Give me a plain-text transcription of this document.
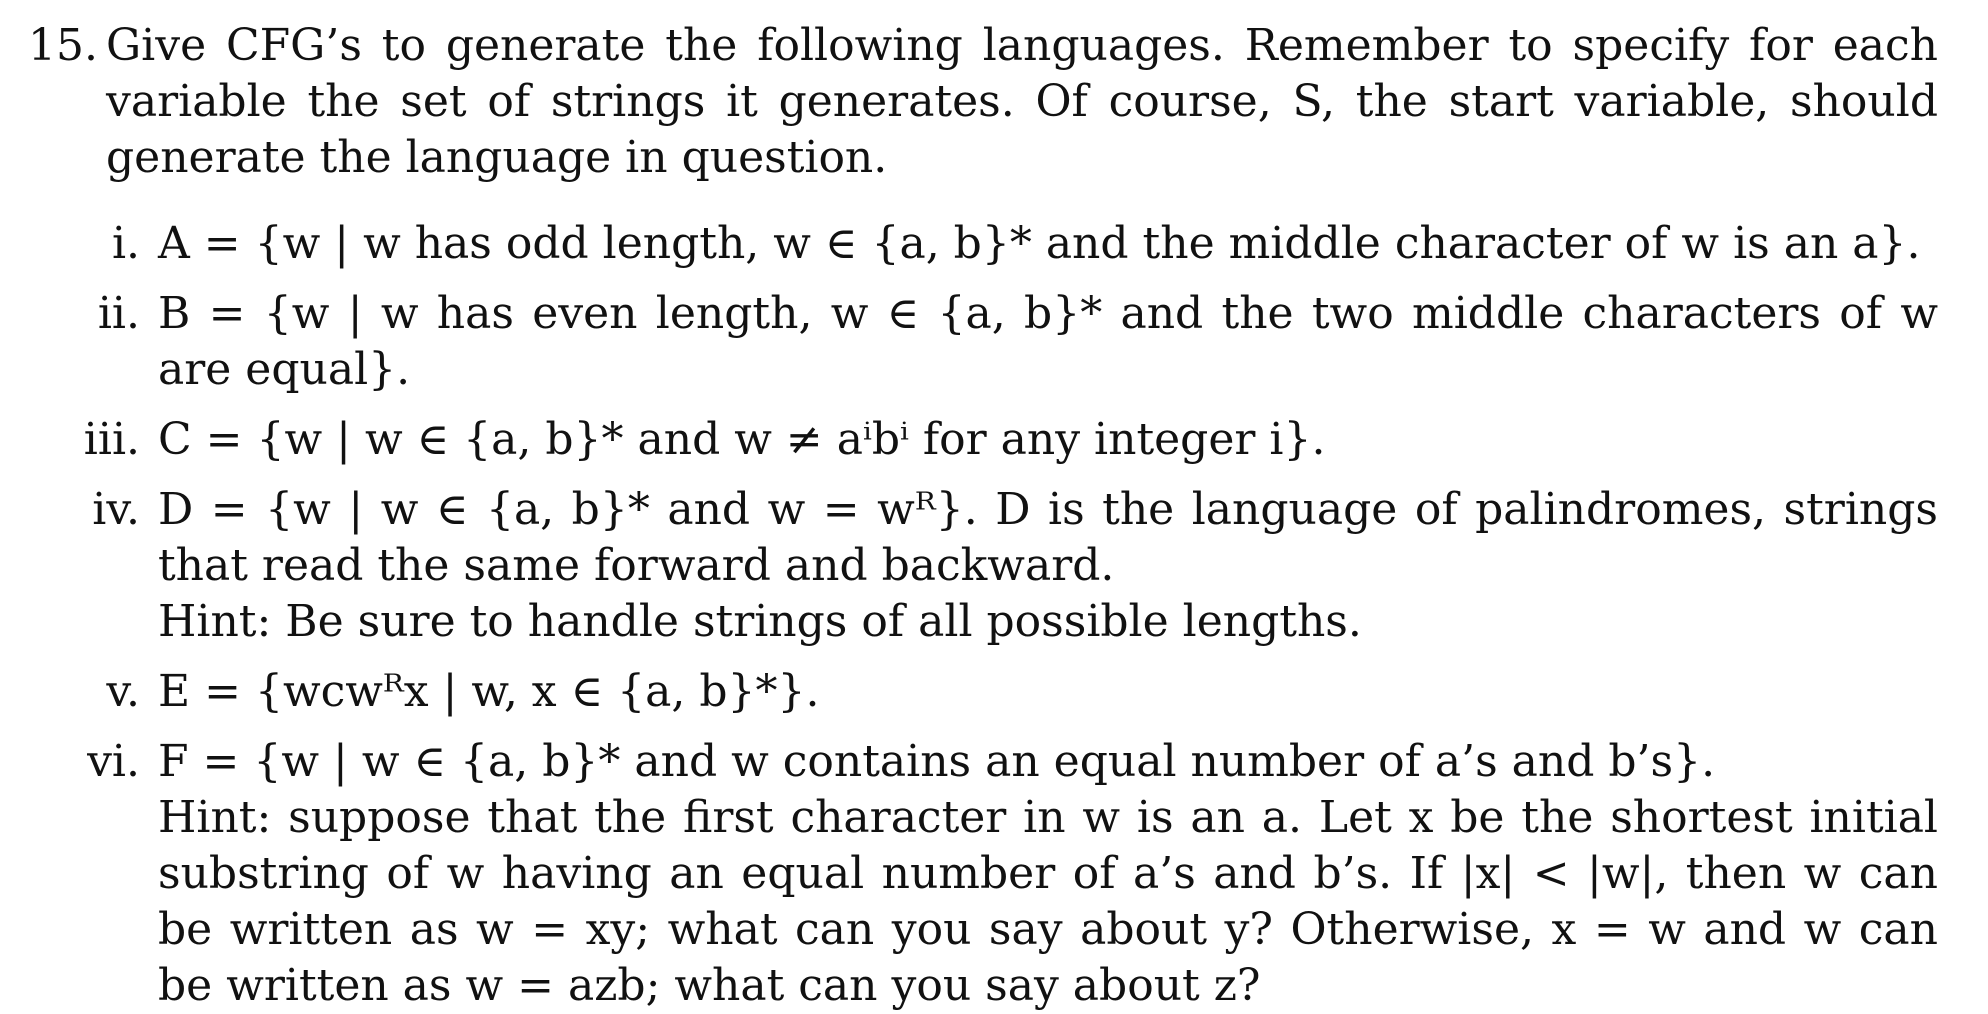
15. Give CFG’s to generate the following languages. Remember to specify for each variable the set of strings it generates. Of course, S, the start variable, should generate the language in question.
i. A = {w | w has odd length, w ∈ {a, b}* and the middle character of w is an a}.
ii. B = {w | w has even length, w ∈ {a, b}* and the two middle characters of w are equal}.
iii. C = {w | w ∈ {a, b}* and w ≠ aⁱbⁱ for any integer i}.
iv. D = {w | w ∈ {a, b}* and w = wᴿ}. D is the language of palindromes, strings that read the same forward and backward.
Hint: Be sure to handle strings of all possible lengths.
v. E = {wcwᴿx | w, x ∈ {a, b}*}.
vi. F = {w | w ∈ {a, b}* and w contains an equal number of a’s and b’s}.
Hint: suppose that the first character in w is an a. Let x be the shortest initial substring of w having an equal number of a’s and b’s. If |x| < |w|, then w can be written as w = xy; what can you say about y? Otherwise, x = w and w can be written as w = azb; what can you say about z?
